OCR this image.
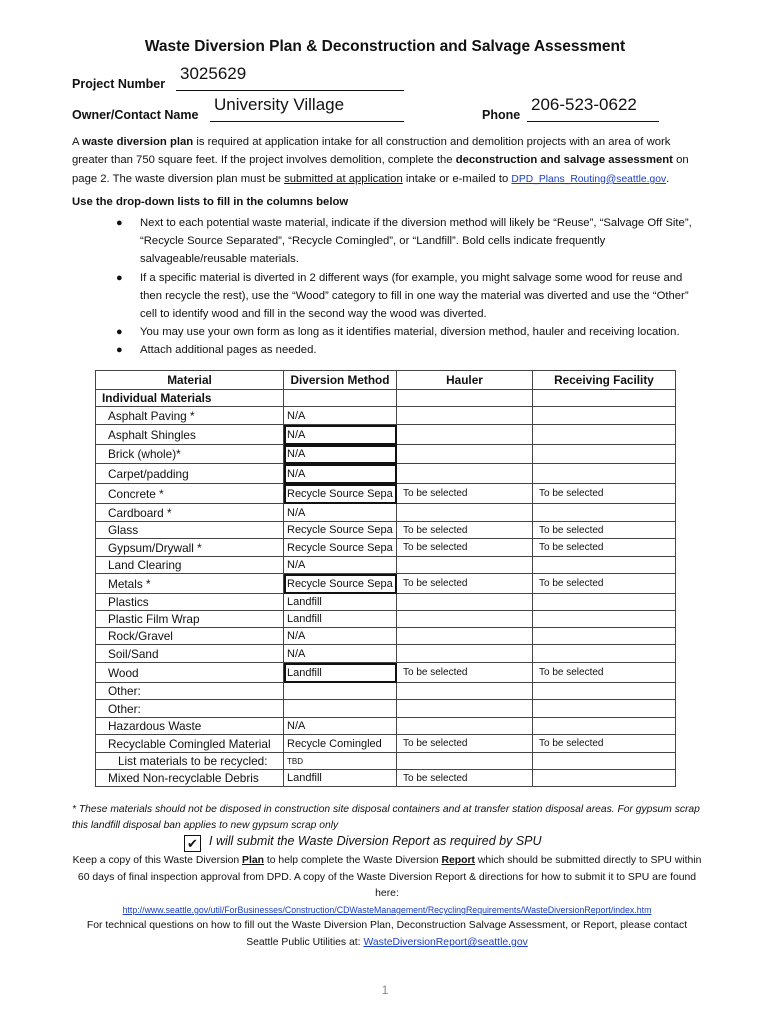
Waste Diversion Plan & Deconstruction and Salvage Assessment
Project Number
3025629
Owner/Contact Name
University Village
Phone
206-523-0622
A waste diversion plan is required at application intake for all construction and demolition projects with an area of work greater than 750 square feet. If the project involves demolition, complete the deconstruction and salvage assessment on page 2. The waste diversion plan must be submitted at application intake or e-mailed to DPD_Plans_Routing@seattle.gov.
Use the drop-down lists to fill in the columns below
● Next to each potential waste material, indicate if the diversion method will likely be “Reuse”, “Salvage Off Site”, “Recycle Source Separated”, “Recycle Comingled”, or “Landfill”. Bold cells indicate frequently salvageable/reusable materials.
● If a specific material is diverted in 2 different ways (for example, you might salvage some wood for reuse and then recycle the rest), use the “Wood” category to fill in one way the material was diverted and use the “Other” cell to identify wood and fill in the second way the wood was diverted.
● You may use your own form as long as it identifies material, diversion method, hauler and receiving location.
● Attach additional pages as needed.
Material	Diversion Method	Hauler	Receiving Facility
Individual Materials			
Asphalt Paving *	N/A		
Asphalt Shingles	N/A		
Brick (whole)*	N/A		
Carpet/padding	N/A		
Concrete *	Recycle Source Sepa	To be selected	To be selected
Cardboard *	N/A		
Glass	Recycle Source Sepa	To be selected	To be selected
Gypsum/Drywall *	Recycle Source Sepa	To be selected	To be selected
Land Clearing	N/A		
Metals *	Recycle Source Sepa	To be selected	To be selected
Plastics	Landfill		
Plastic Film Wrap	Landfill		
Rock/Gravel	N/A		
Soil/Sand	N/A		
Wood	Landfill	To be selected	To be selected
Other:			
Other:			
Hazardous Waste	N/A		
Recyclable Comingled Material	Recycle Comingled	To be selected	To be selected
List materials to be recycled:	TBD		
Mixed Non-recyclable Debris	Landfill	To be selected	
* These materials should not be disposed in construction site disposal containers and at transfer station disposal areas. For gypsum scrap this landfill disposal ban applies to new gypsum scrap only
✔ I will submit the Waste Diversion Report as required by SPU
Keep a copy of this Waste Diversion Plan to help complete the Waste Diversion Report which should be submitted directly to SPU within 60 days of final inspection approval from DPD. A copy of the Waste Diversion Report & directions for how to submit it to SPU are found here:
http://www.seattle.gov/util/ForBusinesses/Construction/CDWasteManagement/RecyclingRequirements/WasteDiversionReport/index.htm
For technical questions on how to fill out the Waste Diversion Plan, Deconstruction Salvage Assessment, or Report, please contact
Seattle Public Utilities at: WasteDiversionReport@seattle.gov
1
